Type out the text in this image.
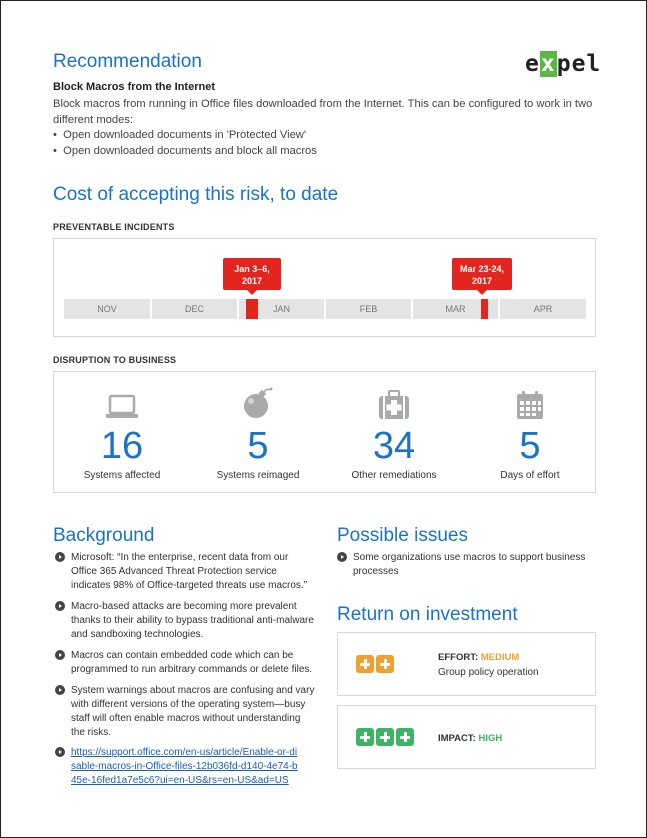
Recommendation	expel
Block Macros from the Internet
Block macros from running in Office files downloaded from the Internet. This can be configured to work in two different modes:
•  Open downloaded documents in 'Protected View'
•  Open downloaded documents and block all macros
Cost of accepting this risk, to date
PREVENTABLE INCIDENTS
NOV	DEC	JAN	FEB	MAR	APR
Jan 3–6,
2017
Mar 23-24,
2017
DISRUPTION TO BUSINESS
16
Systems affected
5
Systems reimaged
34
Other remediations
5
Days of effort
Background
Microsoft: “In the enterprise, recent data from our Office 365 Advanced Threat Protection service indicates 98% of Office-targeted threats use macros.”
Macro-based attacks are becoming more prevalent thanks to their ability to bypass traditional anti-malware and sandboxing technologies.
Macros can contain embedded code which can be programmed to run arbitrary commands or delete files.
System warnings about macros are confusing and vary with different versions of the operating system—busy staff will often enable macros without understanding the risks.
https://support.office.com/en-us/article/Enable-or-disable-macros-in-Office-files-12b036fd-d140-4e74-b45e-16fed1a7e5c6?ui=en-US&rs=en-US&ad=US
Possible issues
Some organizations use macros to support business processes
Return on investment
EFFORT: MEDIUM
Group policy operation
IMPACT: HIGH
